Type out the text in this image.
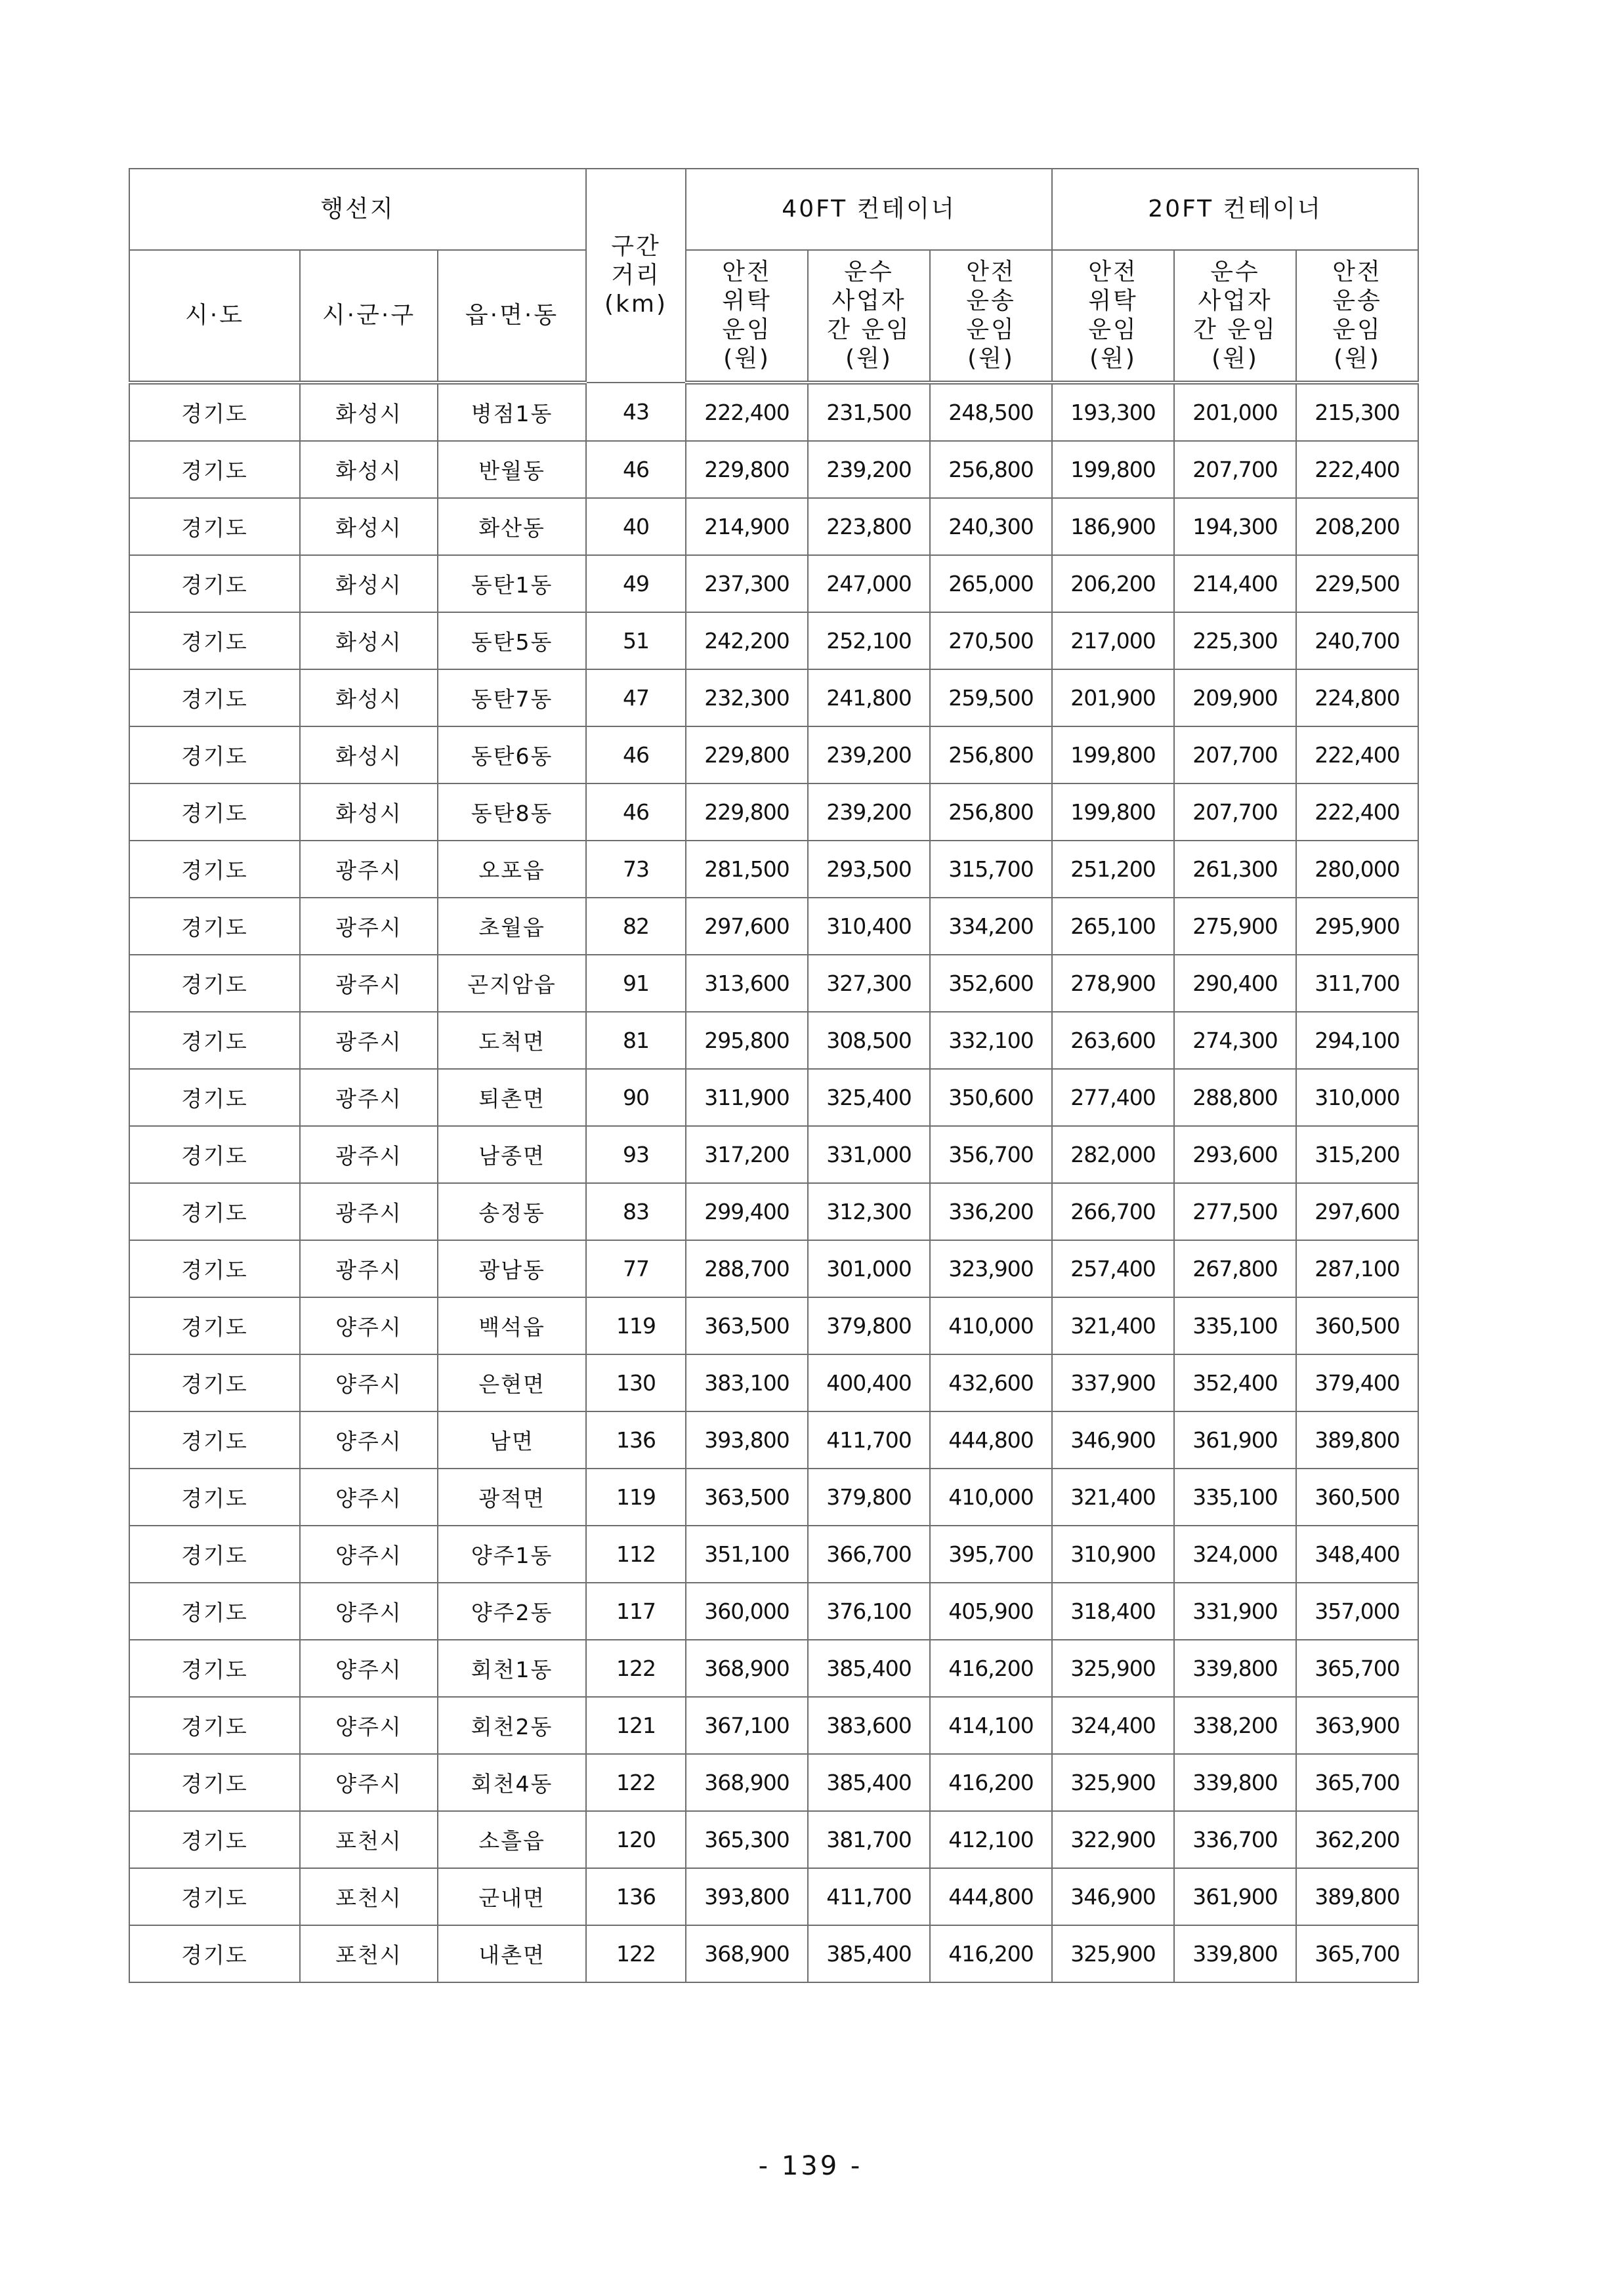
행선지			구간
거리
(km)	40FT 컨테이너			20FT 컨테이너		
시·도	시·군·구	읍·면·동		안전
위탁
운임
(원)	운수
사업자
간 운임
(원)	안전
운송
운임
(원)	안전
위탁
운임
(원)	운수
사업자
간 운임
(원)	안전
운송
운임
(원)

경기도	화성시	병점1동	43	222,400	231,500	248,500	193,300	201,000	215,300
경기도	화성시	반월동	46	229,800	239,200	256,800	199,800	207,700	222,400
경기도	화성시	화산동	40	214,900	223,800	240,300	186,900	194,300	208,200
경기도	화성시	동탄1동	49	237,300	247,000	265,000	206,200	214,400	229,500
경기도	화성시	동탄5동	51	242,200	252,100	270,500	217,000	225,300	240,700
경기도	화성시	동탄7동	47	232,300	241,800	259,500	201,900	209,900	224,800
경기도	화성시	동탄6동	46	229,800	239,200	256,800	199,800	207,700	222,400
경기도	화성시	동탄8동	46	229,800	239,200	256,800	199,800	207,700	222,400
경기도	광주시	오포읍	73	281,500	293,500	315,700	251,200	261,300	280,000
경기도	광주시	초월읍	82	297,600	310,400	334,200	265,100	275,900	295,900
경기도	광주시	곤지암읍	91	313,600	327,300	352,600	278,900	290,400	311,700
경기도	광주시	도척면	81	295,800	308,500	332,100	263,600	274,300	294,100
경기도	광주시	퇴촌면	90	311,900	325,400	350,600	277,400	288,800	310,000
경기도	광주시	남종면	93	317,200	331,000	356,700	282,000	293,600	315,200
경기도	광주시	송정동	83	299,400	312,300	336,200	266,700	277,500	297,600
경기도	광주시	광남동	77	288,700	301,000	323,900	257,400	267,800	287,100
경기도	양주시	백석읍	119	363,500	379,800	410,000	321,400	335,100	360,500
경기도	양주시	은현면	130	383,100	400,400	432,600	337,900	352,400	379,400
경기도	양주시	남면	136	393,800	411,700	444,800	346,900	361,900	389,800
경기도	양주시	광적면	119	363,500	379,800	410,000	321,400	335,100	360,500
경기도	양주시	양주1동	112	351,100	366,700	395,700	310,900	324,000	348,400
경기도	양주시	양주2동	117	360,000	376,100	405,900	318,400	331,900	357,000
경기도	양주시	회천1동	122	368,900	385,400	416,200	325,900	339,800	365,700
경기도	양주시	회천2동	121	367,100	383,600	414,100	324,400	338,200	363,900
경기도	양주시	회천4동	122	368,900	385,400	416,200	325,900	339,800	365,700
경기도	포천시	소흘읍	120	365,300	381,700	412,100	322,900	336,700	362,200
경기도	포천시	군내면	136	393,800	411,700	444,800	346,900	361,900	389,800
경기도	포천시	내촌면	122	368,900	385,400	416,200	325,900	339,800	365,700
- 139 -
